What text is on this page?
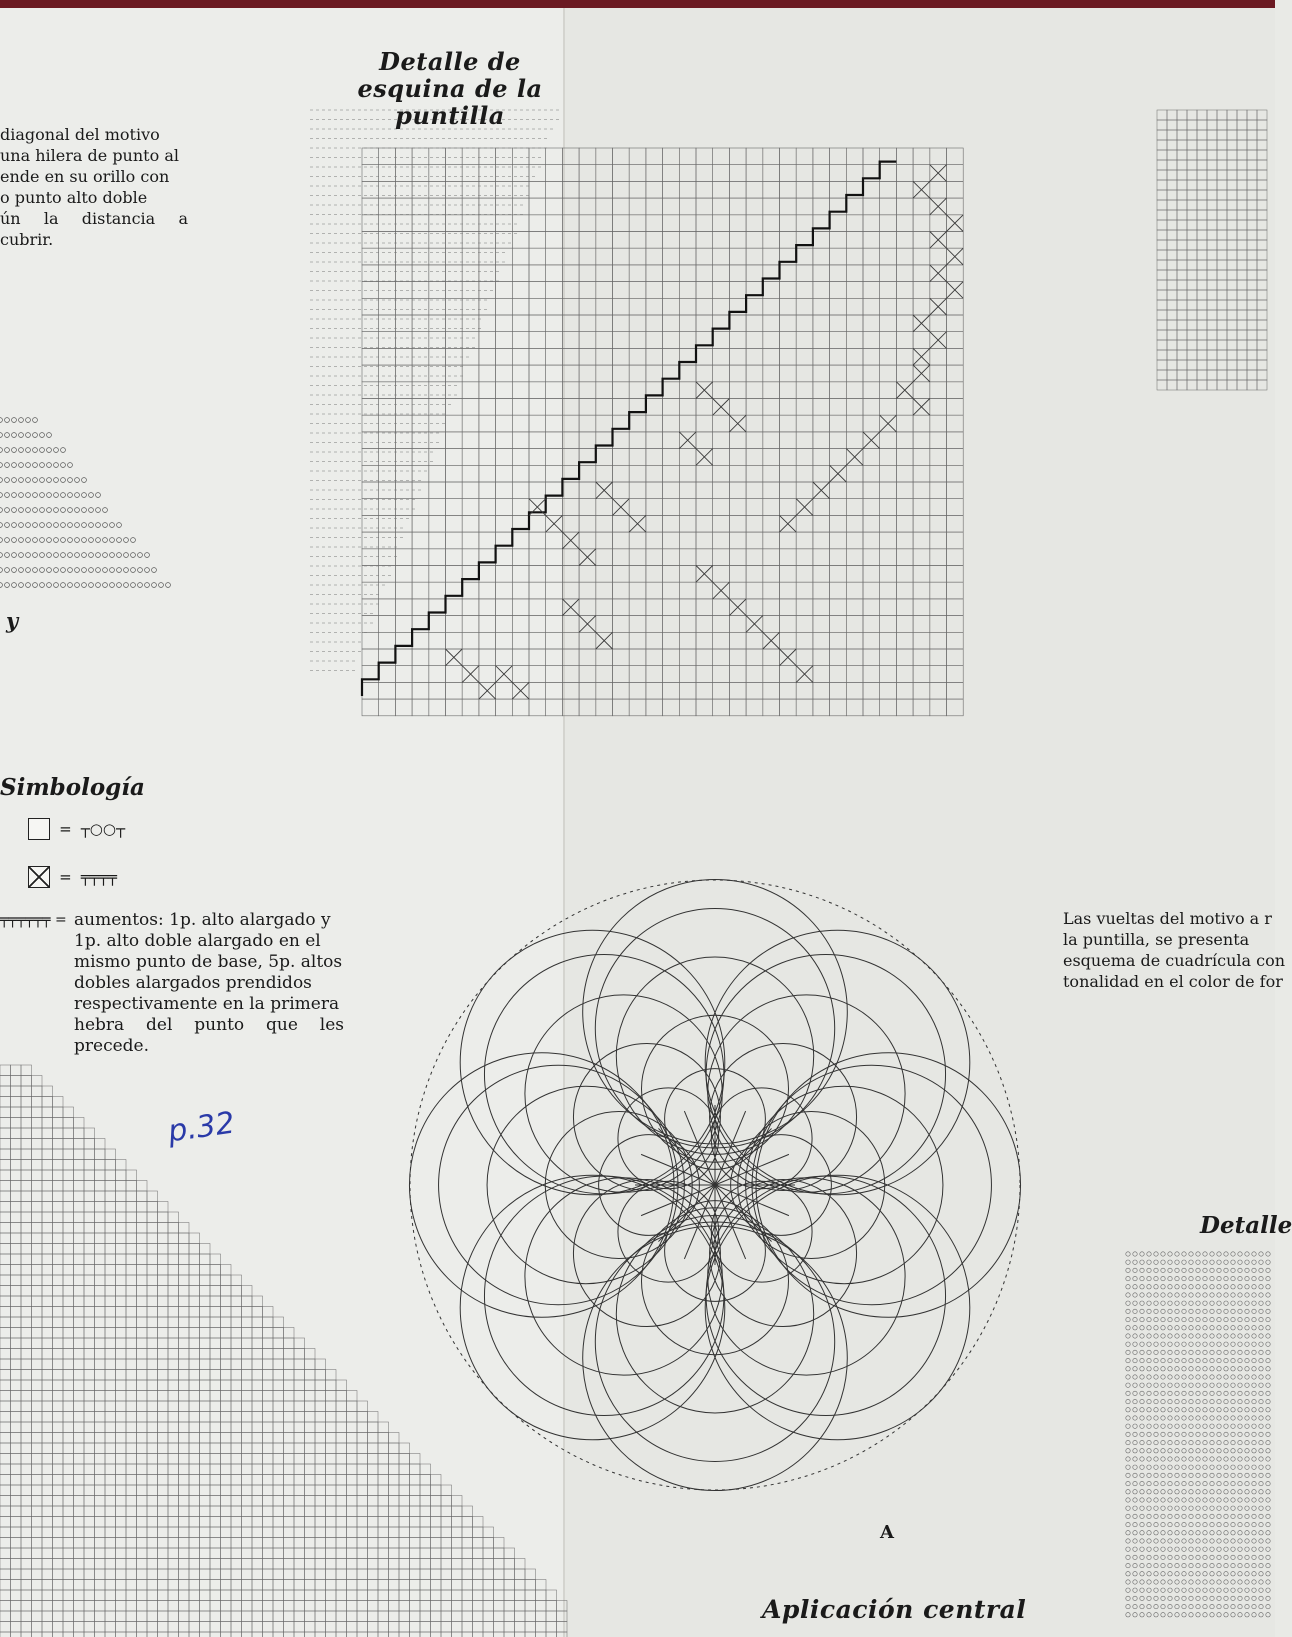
Detalle de
esquina de la
puntilla
diagonal del motivo
una hilera de punto al
ende en su orillo con
o punto alto doble
ún la distancia a cubrir.
y
Simbología
= ┬○○┬
= ╤╤╤╤
╤╤╤╤╤╤ = aumentos: 1p. alto alargado y
1p. alto doble alargado en el
mismo punto de base, 5p. altos
dobles alargados prendidos
respectivamente en la primera
hebra del punto que les precede.
p.32
Las vueltas del motivo a r
la puntilla, se presenta
esquema de cuadrícula con
tonalidad en el color de for
Detalle
A
Aplicación central
